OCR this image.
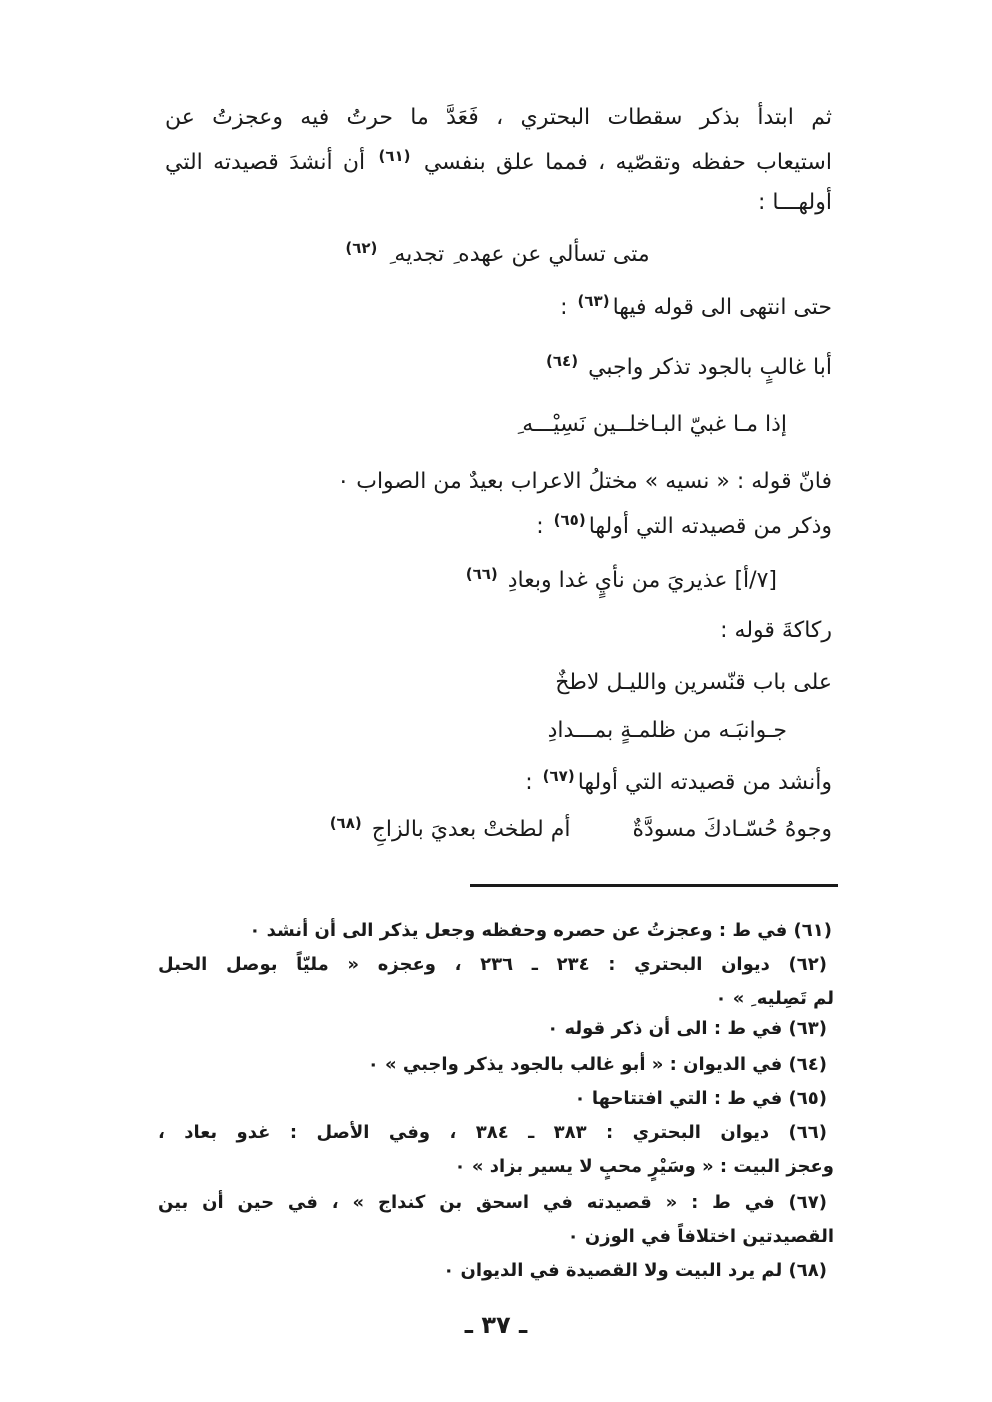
ثم ابتدأ بذكر سقطات البحتري ، فَعَدَّ ما حرتُ فيه وعجزتُ عن
استيعاب حفظه وتقصّيه ، فمما علق بنفسي $^{(٦١)}$ أن أنشدَ قصيدته التي
أولهـــا :
متى تسألي عن عهده ِ تجديه ِ $^{(٦٢)}$
حتى انتهى الى قوله فيها$^{(٦٣)}$ :
أبا غالبٍ بالجود تذكر واجبي $^{(٦٤)}$
إذا مـا غبيّ البـاخلــين نَسِيْـــه ِ
فانّ قوله : « نسيه » مختلُ الاعراب بعيدٌ من الصواب ٠
وذكر من قصيدته التي أولها$^{(٦٥)}$ :
[٧/أ] عذيريَ من نأيٍ غدا وبعادِ $^{(٦٦)}$
ركاكةَ قوله :
على باب قنّسرين والليـل لاطخٌ
جـوانبَـه من ظلمـةٍ بمـــدادِ
وأنشد من قصيدته التي أولها$^{(٦٧)}$ :
وجوهُ حُسّـادكَ مسودَّةٌ  أم لطختْ بعديَ بالزاجِ $^{(٦٨)}$
(٦١) في ط : وعجزتُ عن حصره وحفظه وجعل يذكر الى أن أنشد ٠
(٦٢) ديوان البحتري : ٢٣٤ ـ ٢٣٦ ، وعجزه « مليّاً بوصل الحبل
لم تَصِليه ِ » ٠
(٦٣) في ط : الى أن ذكر قوله ٠
(٦٤) في الديوان : « أبو غالب بالجود يذكر واجبي » ٠
(٦٥) في ط : التي افتتاحها ٠
(٦٦) ديوان البحتري : ٣٨٣ ـ ٣٨٤ ، وفي الأصل : غدو بعاد ،
وعجز البيت : « وسَيْرٍ محبٍ لا يسير بزاد » ٠
(٦٧) في ط : « قصيدته في اسحق بن كنداج » ، في حين أن بين
القصيدتين اختلافاً في الوزن ٠
(٦٨) لم يرد البيت ولا القصيدة في الديوان ٠
ـ ٣٧ ـ
